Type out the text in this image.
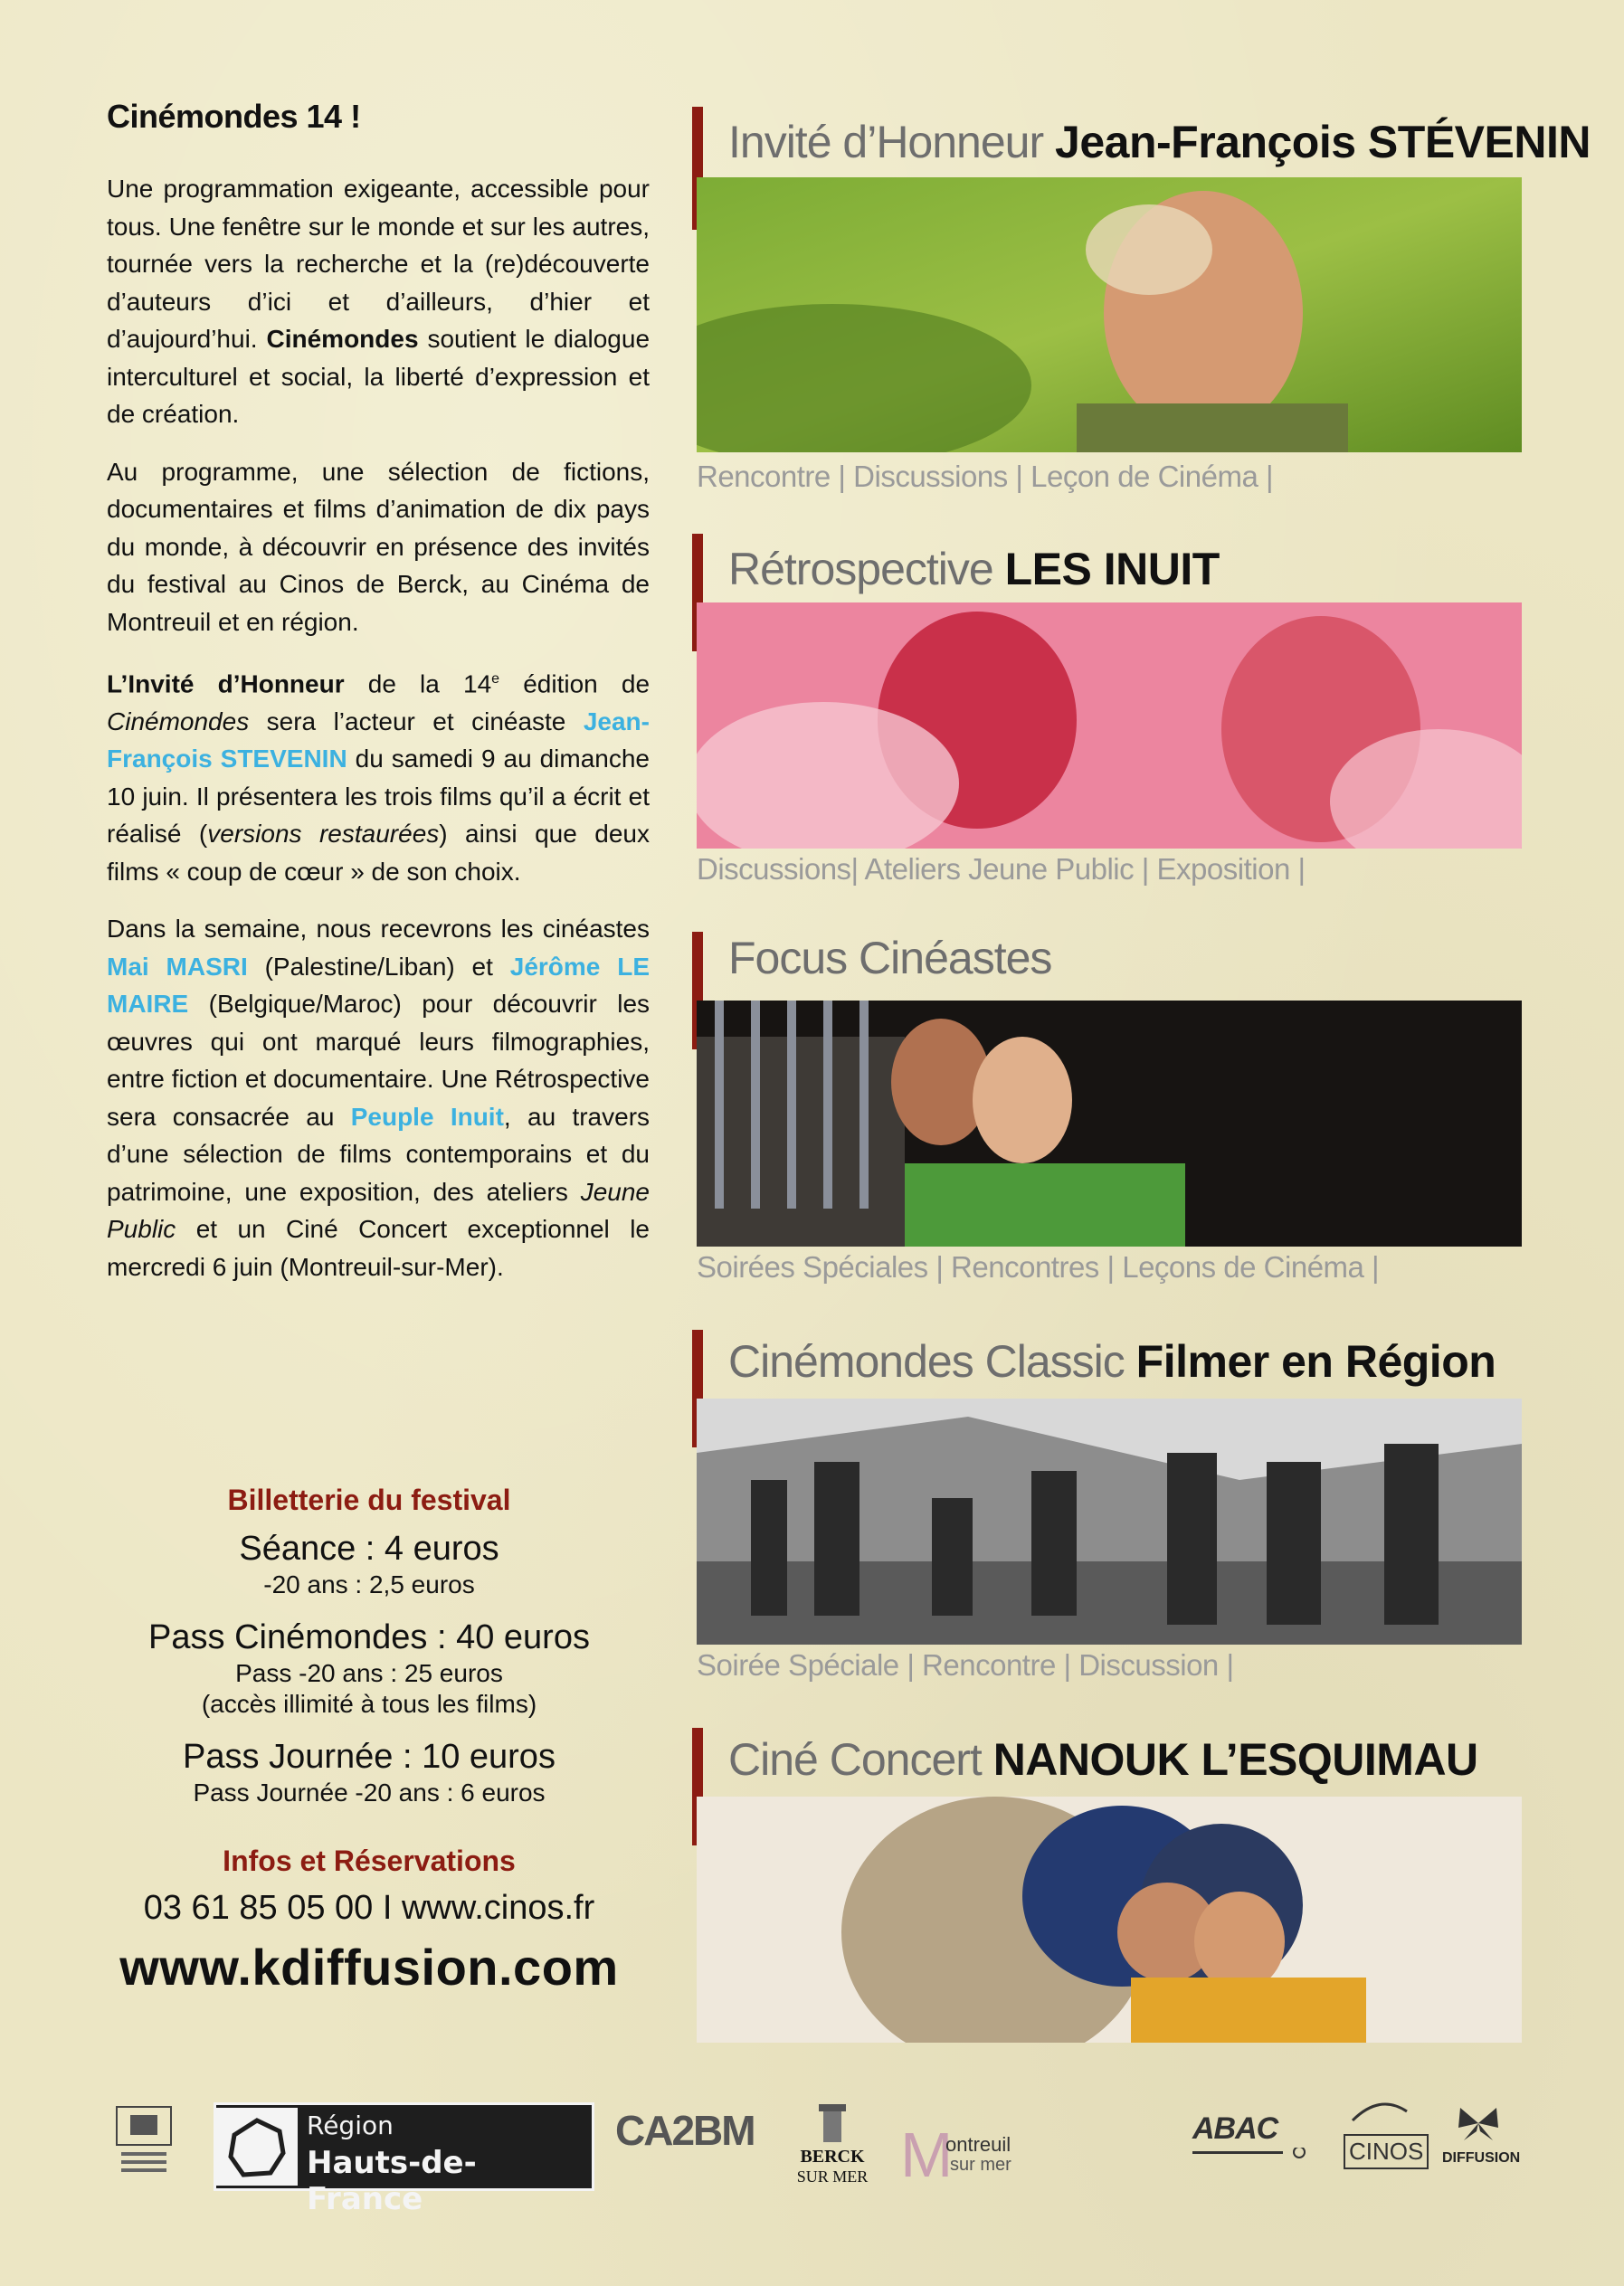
Cinémondes 14 !

Une programmation exigeante, accessible pour tous. Une fenêtre sur le monde et sur les autres, tournée vers la recherche et la (re)découverte d’auteurs d’ici et d’ailleurs, d’hier et d’aujourd’hui. Cinémondes soutient le dialogue interculturel et social, la liberté d’expression et de création.

Au programme, une sélection de fictions, documentaires et films d’animation de dix pays du monde, à découvrir en présence des invités du festival au Cinos de Berck, au Cinéma de Montreuil et en région.

L’Invité d’Honneur de la 14e édition de Cinémondes sera l’acteur et cinéaste Jean-François STEVENIN du samedi 9 au dimanche 10 juin. Il présentera les trois films qu’il a écrit et réalisé (versions restaurées) ainsi que deux films « coup de cœur » de son choix.

Dans la semaine, nous recevrons les cinéastes Mai MASRI (Palestine/Liban) et Jérôme LE MAIRE (Belgique/Maroc) pour découvrir les œuvres qui ont marqué leurs filmographies, entre fiction et documentaire. Une Rétrospective sera consacrée au Peuple Inuit, au travers d’une sélection de films contemporains et du patrimoine, une exposition, des ateliers Jeune Public et un Ciné Concert exceptionnel le mercredi 6 juin (Montreuil-sur-Mer).

Billetterie du festival
Séance : 4 euros
-20 ans : 2,5 euros
Pass Cinémondes : 40 euros
Pass -20 ans : 25 euros
(accès illimité à tous les films)
Pass Journée : 10 euros
Pass Journée -20 ans : 6 euros
Infos et Réservations
03 61 85 05 00 I www.cinos.fr
www.kdiffusion.com
Invité d’Honneur Jean-François STÉVENIN
Rencontre | Discussions | Leçon de Cinéma |
Rétrospective LES INUIT
Discussions| Ateliers Jeune Public | Exposition |
Focus Cinéastes
Soirées Spéciales | Rencontres | Leçons de Cinéma |
Cinémondes Classic Filmer en Région
Soirée Spéciale | Rencontre | Discussion |
Ciné Concert NANOUK L’ESQUIMAU
Région
Hauts-de-France
CA2BM
BERCK
SUR MER M
ontreuil
sur mer
ABAC
CINOS DIFFUSION
